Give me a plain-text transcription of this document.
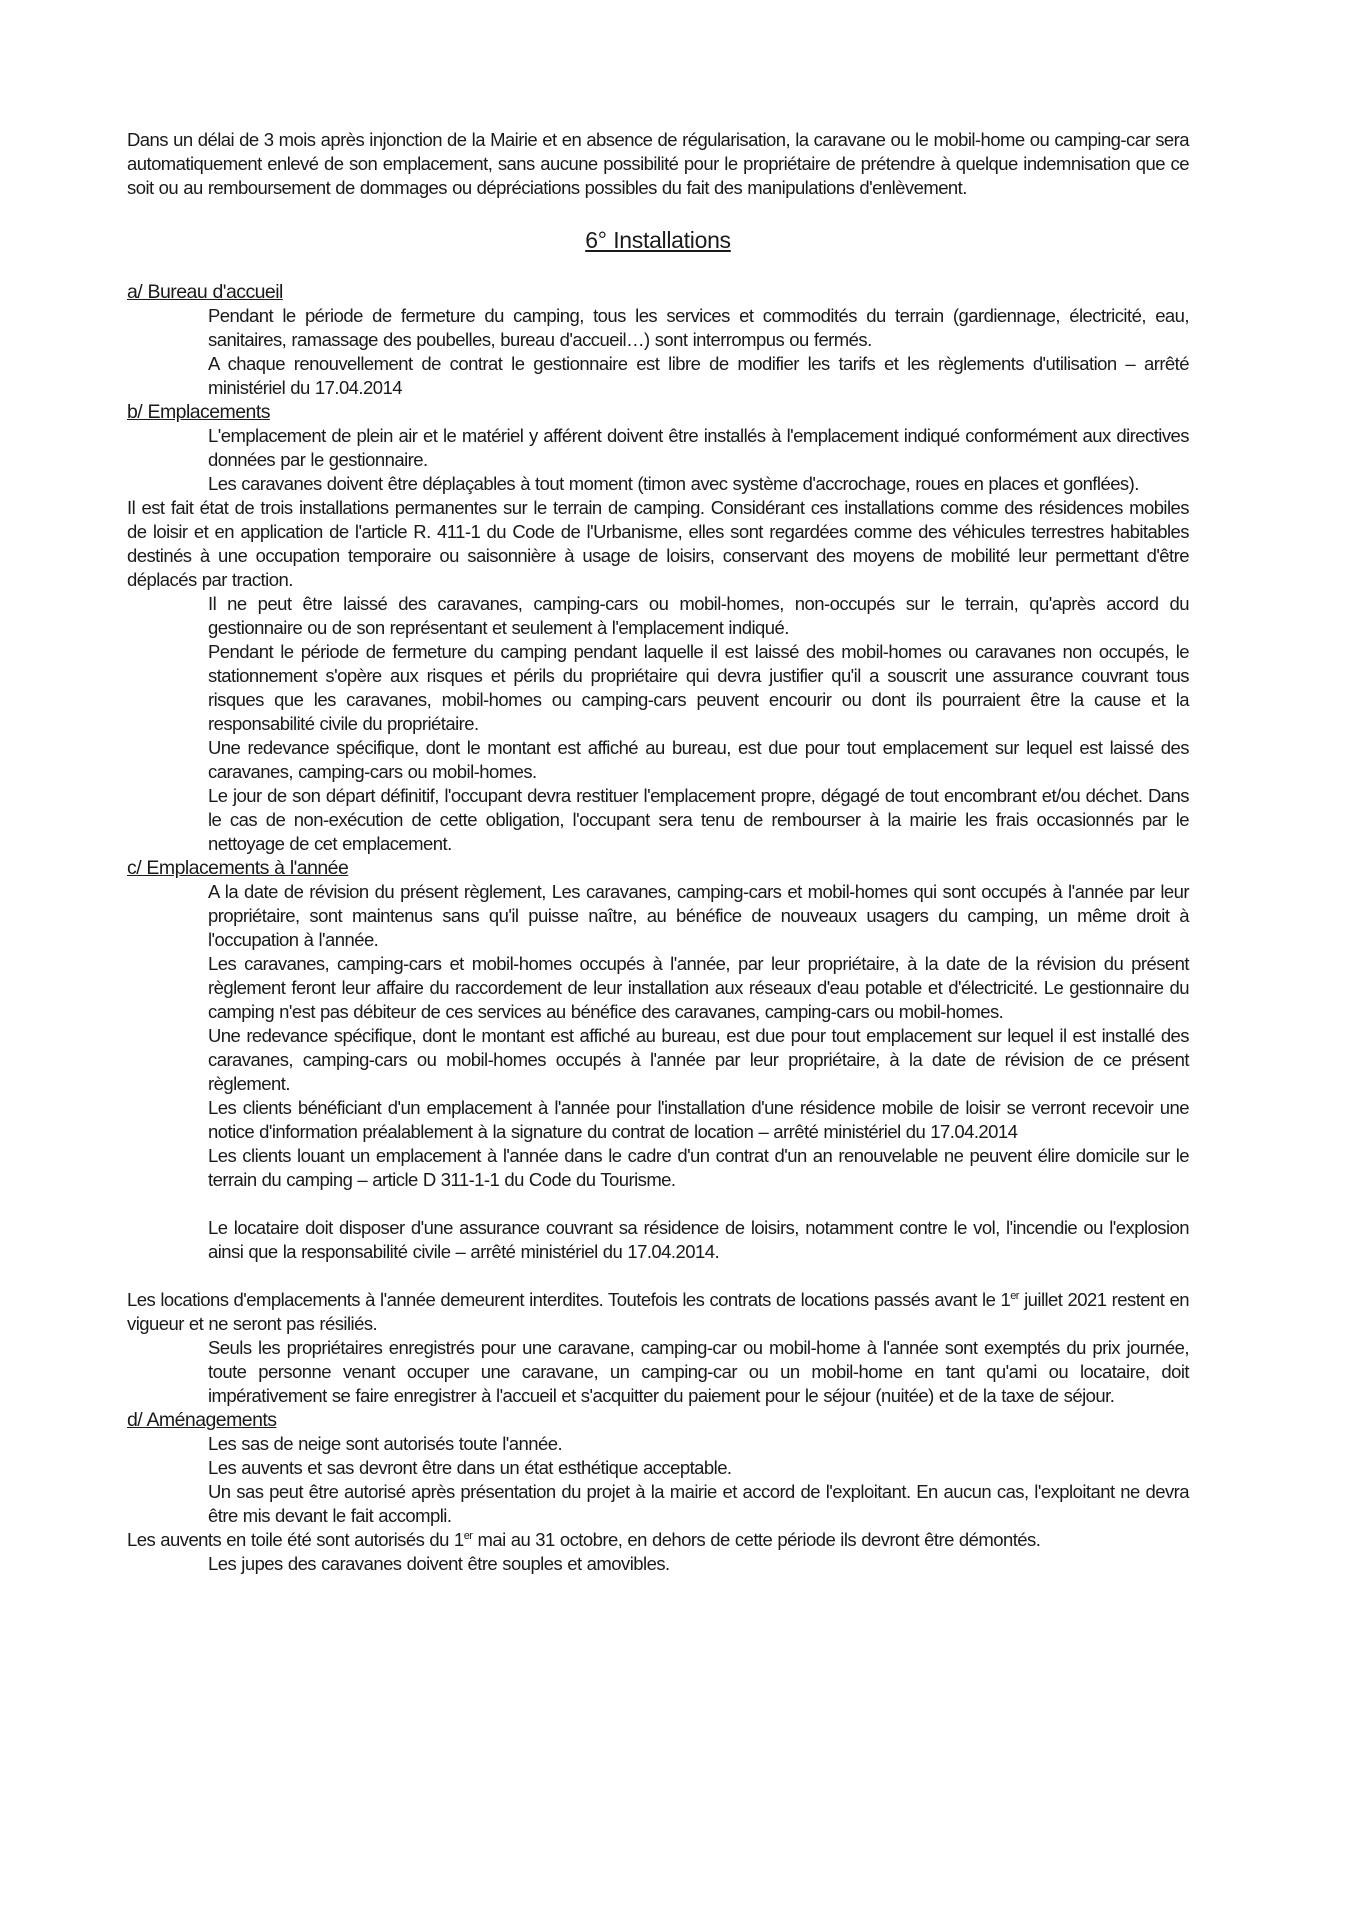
Dans un délai de 3 mois après injonction de la Mairie et en absence de régularisation, la caravane ou le mobil-home ou camping-car sera automatiquement enlevé de son emplacement, sans aucune possibilité pour le propriétaire de prétendre à quelque indemnisation que ce soit ou au remboursement de dommages ou dépréciations possibles du fait des manipulations d'enlèvement.

6° Installations

a/ Bureau d'accueil

Pendant le période de fermeture du camping, tous les services et commodités du terrain (gardiennage, électricité, eau, sanitaires, ramassage des poubelles, bureau d'accueil…) sont interrompus ou fermés.

A chaque renouvellement de contrat le gestionnaire est libre de modifier les tarifs et les règlements d'utilisation – arrêté ministériel du 17.04.2014

b/ Emplacements

L'emplacement de plein air et le matériel y afférent doivent être installés à l'emplacement indiqué conformément aux directives données par le gestionnaire.

Les caravanes doivent être déplaçables à tout moment (timon avec système d'accrochage, roues en places et gonflées).

Il est fait état de trois installations permanentes sur le terrain de camping. Considérant ces installations comme des résidences mobiles de loisir et en application de l'article R. 411-1 du Code de l'Urbanisme, elles sont regardées comme des véhicules terrestres habitables destinés à une occupation temporaire ou saisonnière à usage de loisirs, conservant des moyens de mobilité leur permettant d'être déplacés par traction.

Il ne peut être laissé des caravanes, camping-cars ou mobil-homes, non-occupés sur le terrain, qu'après accord du gestionnaire ou de son représentant et seulement à l'emplacement indiqué.

Pendant le période de fermeture du camping pendant laquelle il est laissé des mobil-homes ou caravanes non occupés, le stationnement s'opère aux risques et périls du propriétaire qui devra justifier qu'il a souscrit une assurance couvrant tous risques que les caravanes, mobil-homes ou camping-cars peuvent encourir ou dont ils pourraient être la cause et la responsabilité civile du propriétaire.

Une redevance spécifique, dont le montant est affiché au bureau, est due pour tout emplacement sur lequel est laissé des caravanes, camping-cars ou mobil-homes.

Le jour de son départ définitif, l'occupant devra restituer l'emplacement propre, dégagé de tout encombrant et/ou déchet. Dans le cas de non-exécution de cette obligation, l'occupant sera tenu de rembourser à la mairie les frais occasionnés par le nettoyage de cet emplacement.

c/ Emplacements à l'année

A la date de révision du présent règlement, Les caravanes, camping-cars et mobil-homes qui sont occupés à l'année par leur propriétaire, sont maintenus sans qu'il puisse naître, au bénéfice de nouveaux usagers du camping, un même droit à l'occupation à l'année.

Les caravanes, camping-cars et mobil-homes occupés à l'année, par leur propriétaire, à la date de la révision du présent règlement feront leur affaire du raccordement de leur installation aux réseaux d'eau potable et d'électricité. Le gestionnaire du camping n'est pas débiteur de ces services au bénéfice des caravanes, camping-cars ou mobil-homes.

Une redevance spécifique, dont le montant est affiché au bureau, est due pour tout emplacement sur lequel il est installé des caravanes, camping-cars ou mobil-homes occupés à l'année par leur propriétaire, à la date de révision de ce présent règlement.

Les clients bénéficiant d'un emplacement à l'année pour l'installation d'une résidence mobile de loisir se verront recevoir une notice d'information préalablement à la signature du contrat de location – arrêté ministériel du 17.04.2014

Les clients louant un emplacement à l'année dans le cadre d'un contrat d'un an renouvelable ne peuvent élire domicile sur le terrain du camping – article D 311-1-1 du Code du Tourisme.

Le locataire doit disposer d'une assurance couvrant sa résidence de loisirs, notamment contre le vol, l'incendie ou l'explosion ainsi que la responsabilité civile – arrêté ministériel du 17.04.2014.

Les locations d'emplacements à l'année demeurent interdites. Toutefois les contrats de locations passés avant le 1er juillet 2021 restent en vigueur et ne seront pas résiliés.

Seuls les propriétaires enregistrés pour une caravane, camping-car ou mobil-home à l'année sont exemptés du prix journée, toute personne venant occuper une caravane, un camping-car ou un mobil-home en tant qu'ami ou locataire, doit impérativement se faire enregistrer à l'accueil et s'acquitter du paiement pour le séjour (nuitée) et de la taxe de séjour.

d/ Aménagements

Les sas de neige sont autorisés toute l'année.

Les auvents et sas devront être dans un état esthétique acceptable.

Un sas peut être autorisé après présentation du projet à la mairie et accord de l'exploitant. En aucun cas, l'exploitant ne devra être mis devant le fait accompli.

Les auvents en toile été sont autorisés du 1er mai au 31 octobre, en dehors de cette période ils devront être démontés.

Les jupes des caravanes doivent être souples et amovibles.
